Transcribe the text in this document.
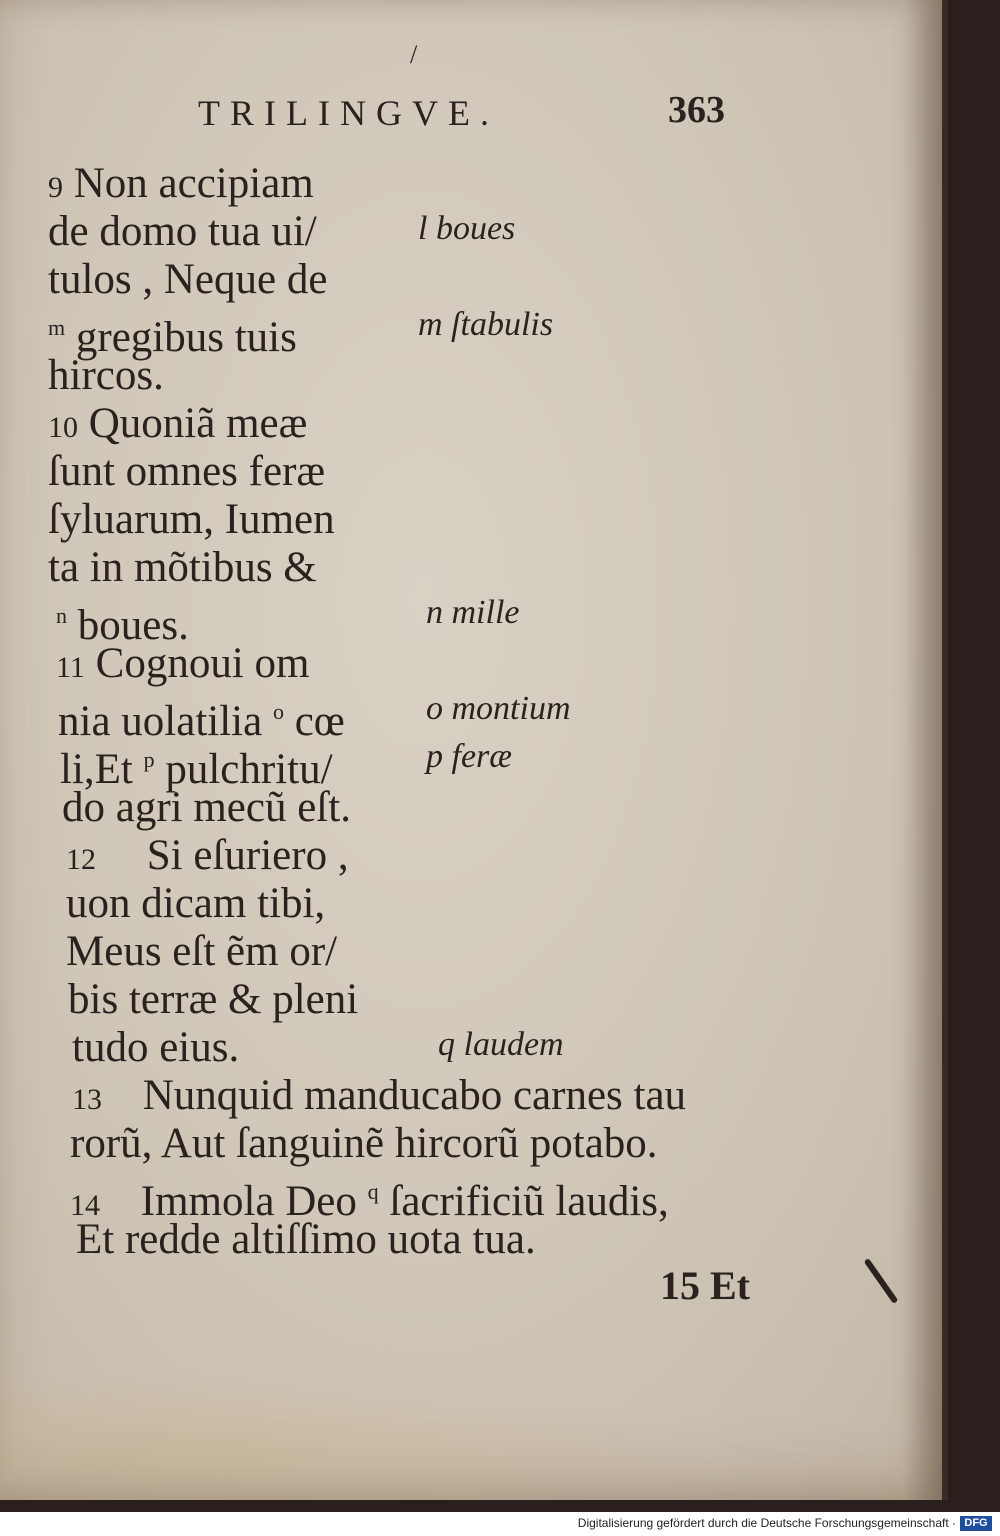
/
TRILINGVE.	363
9 Non accipiam
de domo tua ui/
tulos , Neque de
$^m$ gregibus tuis
hircos.
10 Quoniã meæ
ſunt omnes feræ
ſyluarum, Iumen
ta in mõtibus &
$^n$ boues.
11 Cognoui om
nia uolatilia $^o$ cœ
li,Et $^p$ pulchritu/
do agri mecũ eſt.
12 Si eſuriero ,
uon dicam tibi,
Meus eſt ẽm or/
bis terræ & pleni
tudo eius.
13 Nunquid manducabo carnes tau
rorũ, Aut ſanguinẽ hircorũ potabo.
14 Immola Deo $^q$ ſacrificiũ laudis,
Et redde altiſſimo uota tua.
l boues
m ſtabulis
n mille
o montium
p feræ
q laudem
15 Et
Digitalisierung gefördert durch die Deutsche Forschungsgemeinschaft · DFG
